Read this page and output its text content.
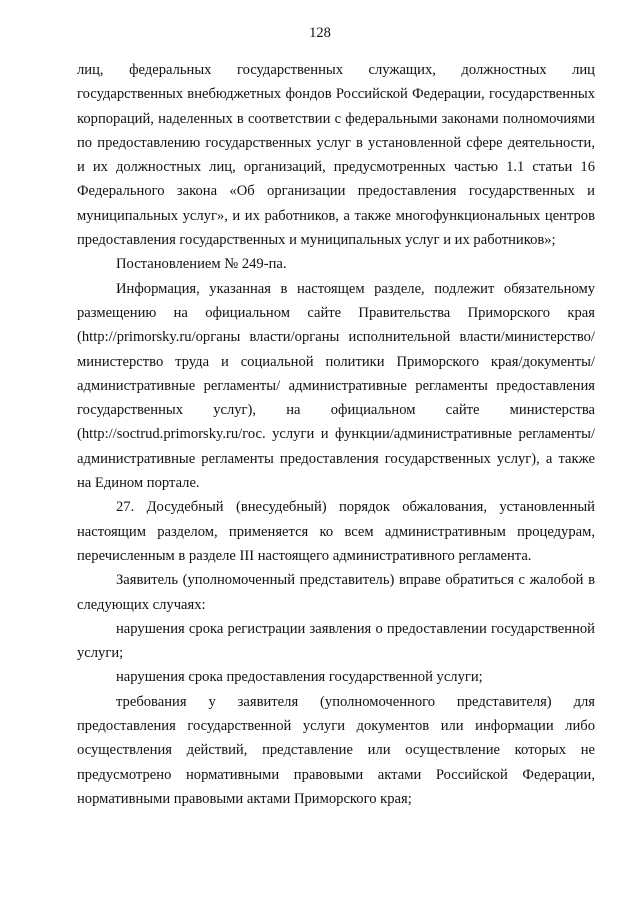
128

лиц, федеральных государственных служащих, должностных лиц государственных внебюджетных фондов Российской Федерации, государственных корпораций, наделенных в соответствии с федеральными законами полномочиями по предоставлению государственных услуг в установленной сфере деятельности, и их должностных лиц, организаций, предусмотренных частью 1.1 статьи 16 Федерального закона «Об организации предоставления государственных и муниципальных услуг», и их работников, а также многофункциональных центров предоставления государственных и муниципальных услуг и их работников»;

Постановлением № 249-па.

Информация, указанная в настоящем разделе, подлежит обязательному размещению на официальном сайте Правительства Приморского края (http://primorsky.ru/органы власти/органы исполнительной власти/министерство/министерство труда и социальной политики Приморского края/документы/административные регламенты/ административные регламенты предоставления государственных услуг), на официальном сайте министерства (http://soctrud.primorsky.ru/гос. услуги и функции/административные регламенты/административные регламенты предоставления государственных услуг), а также на Едином портале.

27. Досудебный (внесудебный) порядок обжалования, установленный настоящим разделом, применяется ко всем административным процедурам, перечисленным в разделе III настоящего административного регламента.

Заявитель (уполномоченный представитель) вправе обратиться с жалобой в следующих случаях:

нарушения срока регистрации заявления о предоставлении государственной услуги;

нарушения срока предоставления государственной услуги;

требования у заявителя (уполномоченного представителя) для предоставления государственной услуги документов или информации либо осуществления действий, представление или осуществление которых не предусмотрено нормативными правовыми актами Российской Федерации, нормативными правовыми актами Приморского края;
